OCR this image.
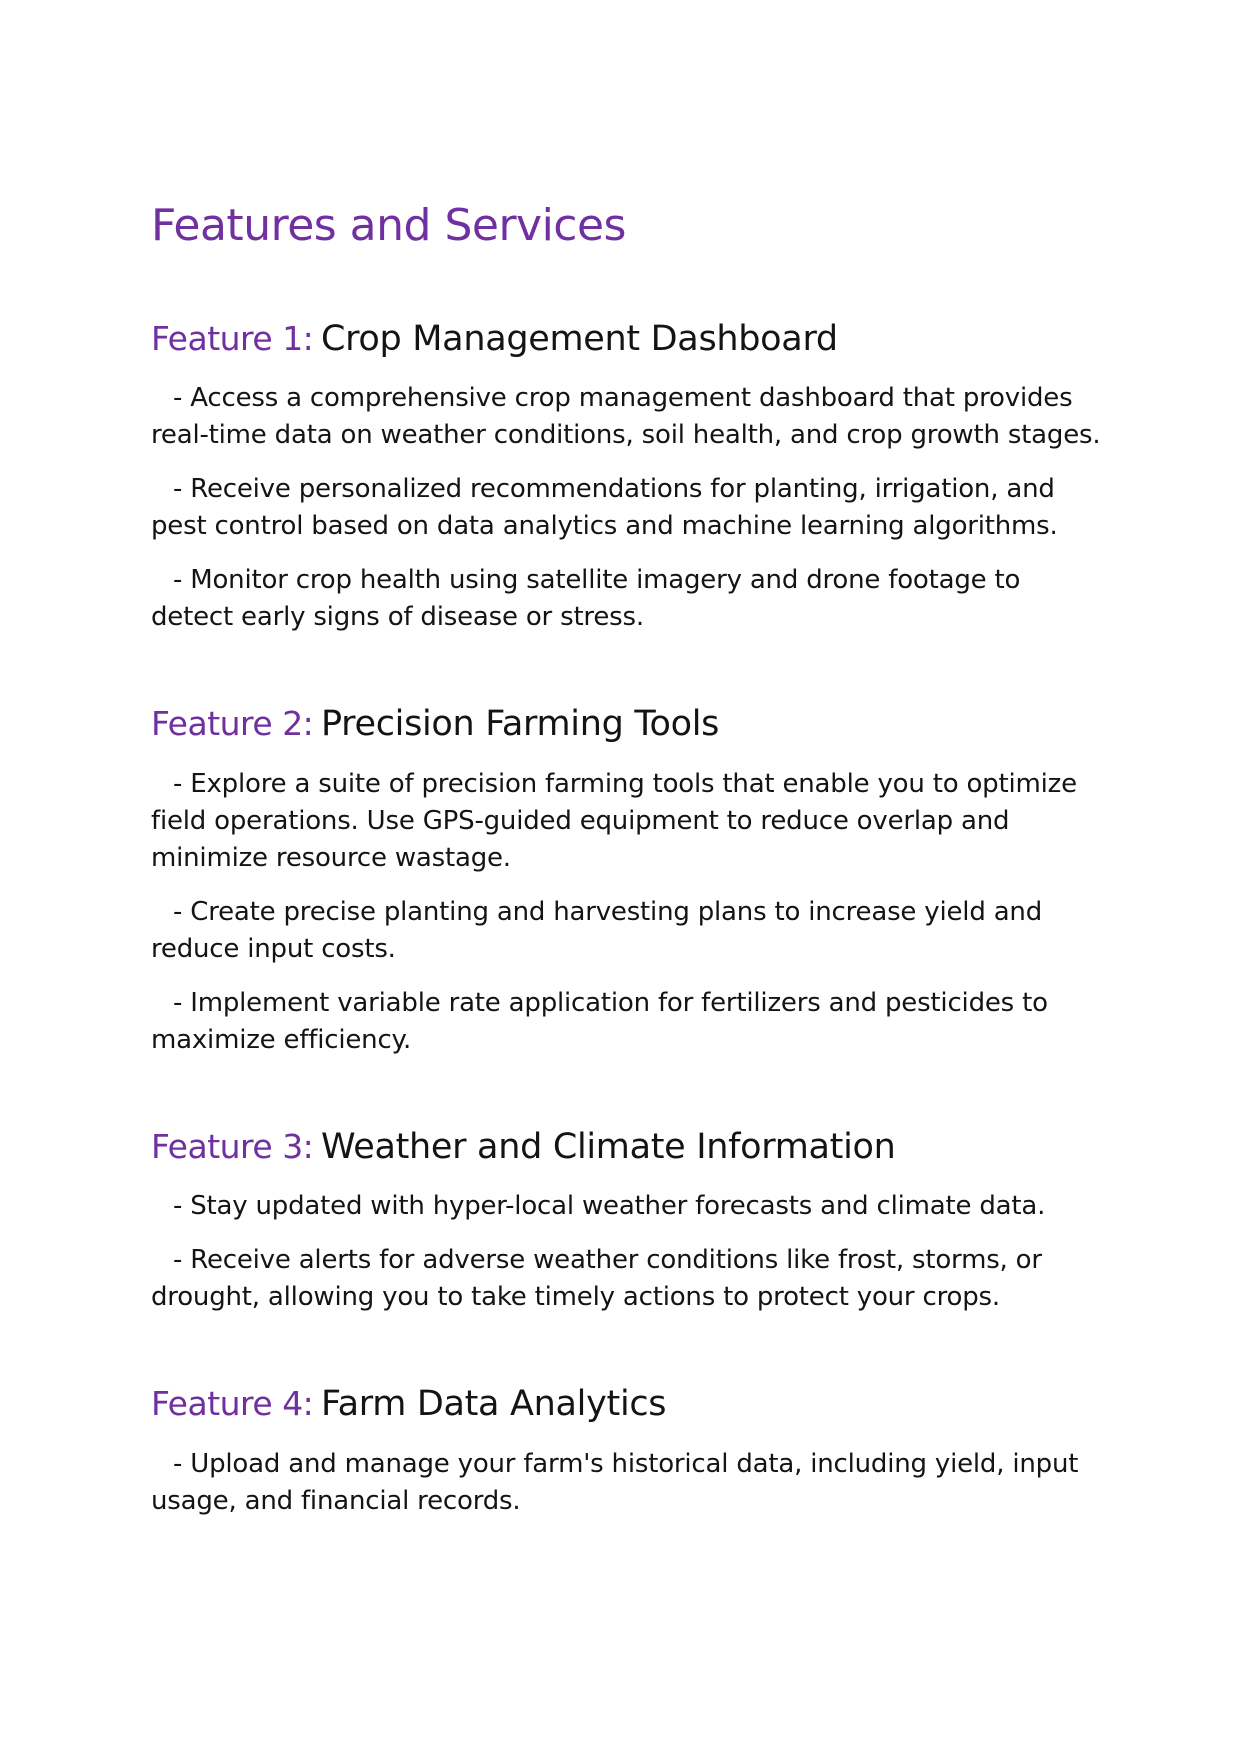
Features and Services
Feature 1: Crop Management Dashboard

- Access a comprehensive crop management dashboard that provides real-time data on weather conditions, soil health, and crop growth stages.

- Receive personalized recommendations for planting, irrigation, and pest control based on data analytics and machine learning algorithms.

- Monitor crop health using satellite imagery and drone footage to detect early signs of disease or stress.

Feature 2: Precision Farming Tools

- Explore a suite of precision farming tools that enable you to optimize field operations. Use GPS-guided equipment to reduce overlap and minimize resource wastage.

- Create precise planting and harvesting plans to increase yield and reduce input costs.

- Implement variable rate application for fertilizers and pesticides to maximize efficiency.

Feature 3: Weather and Climate Information

- Stay updated with hyper-local weather forecasts and climate data.

- Receive alerts for adverse weather conditions like frost, storms, or drought, allowing you to take timely actions to protect your crops.

Feature 4: Farm Data Analytics

- Upload and manage your farm's historical data, including yield, input usage, and financial records.
